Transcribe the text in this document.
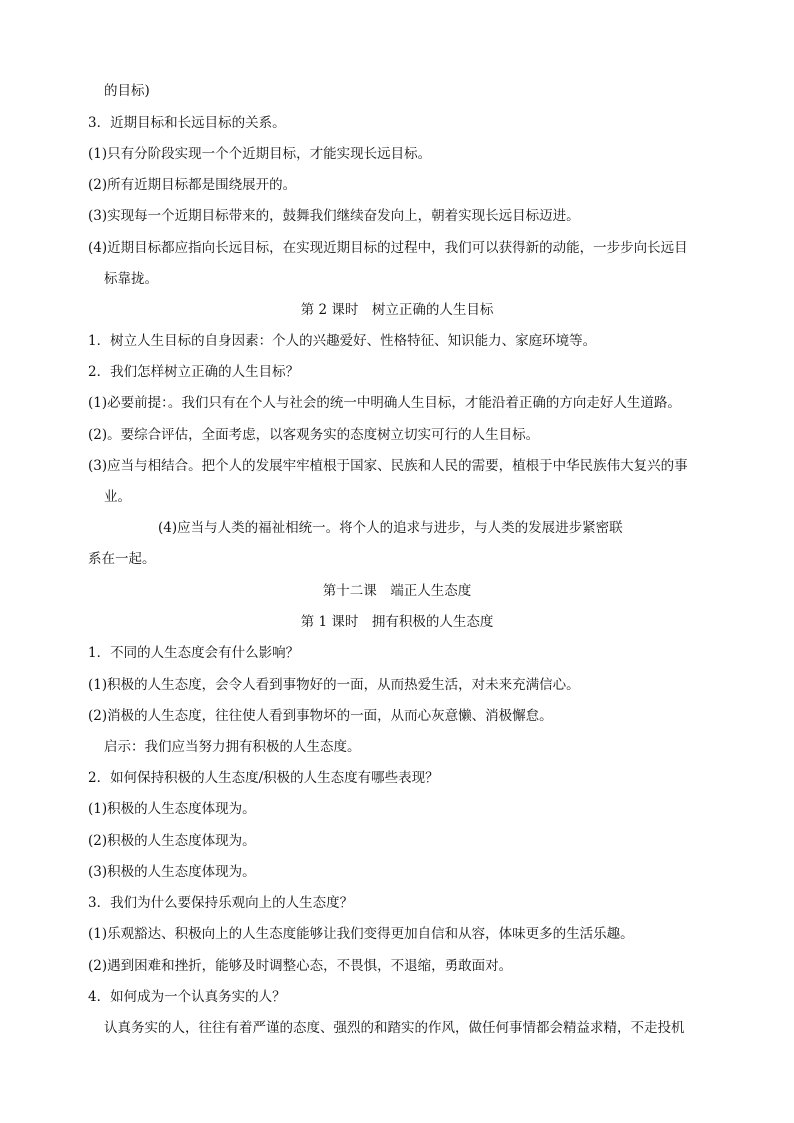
的目标)
3．近期目标和长远目标的关系。
(1)只有分阶段实现一个个近期目标，才能实现长远目标。
(2)所有近期目标都是围绕展开的。
(3)实现每一个近期目标带来的，鼓舞我们继续奋发向上，朝着实现长远目标迈进。
(4)近期目标都应指向长远目标，在实现近期目标的过程中，我们可以获得新的动能，一步步向长远目
标靠拢。
第 2 课时　树立正确的人生目标
1．树立人生目标的自身因素：个人的兴趣爱好、性格特征、知识能力、家庭环境等。
2．我们怎样树立正确的人生目标？
(1)必要前提：。我们只有在个人与社会的统一中明确人生目标，才能沿着正确的方向走好人生道路。
(2)。要综合评估，全面考虑，以客观务实的态度树立切实可行的人生目标。
(3)应当与相结合。把个人的发展牢牢植根于国家、民族和人民的需要，植根于中华民族伟大复兴的事
业。
(4)应当与人类的福祉相统一。将个人的追求与进步，与人类的发展进步紧密联
系在一起。
第十二课　端正人生态度
第 1 课时　拥有积极的人生态度
1．不同的人生态度会有什么影响？
(1)积极的人生态度，会令人看到事物好的一面，从而热爱生活，对未来充满信心。
(2)消极的人生态度，往往使人看到事物坏的一面，从而心灰意懒、消极懈怠。
启示：我们应当努力拥有积极的人生态度。
2．如何保持积极的人生态度/积极的人生态度有哪些表现？
(1)积极的人生态度体现为。
(2)积极的人生态度体现为。
(3)积极的人生态度体现为。
3．我们为什么要保持乐观向上的人生态度？
(1)乐观豁达、积极向上的人生态度能够让我们变得更加自信和从容，体味更多的生活乐趣。
(2)遇到困难和挫折，能够及时调整心态，不畏惧，不退缩，勇敢面对。
4．如何成为一个认真务实的人？
认真务实的人，往往有着严谨的态度、强烈的和踏实的作风，做任何事情都会精益求精，不走投机
